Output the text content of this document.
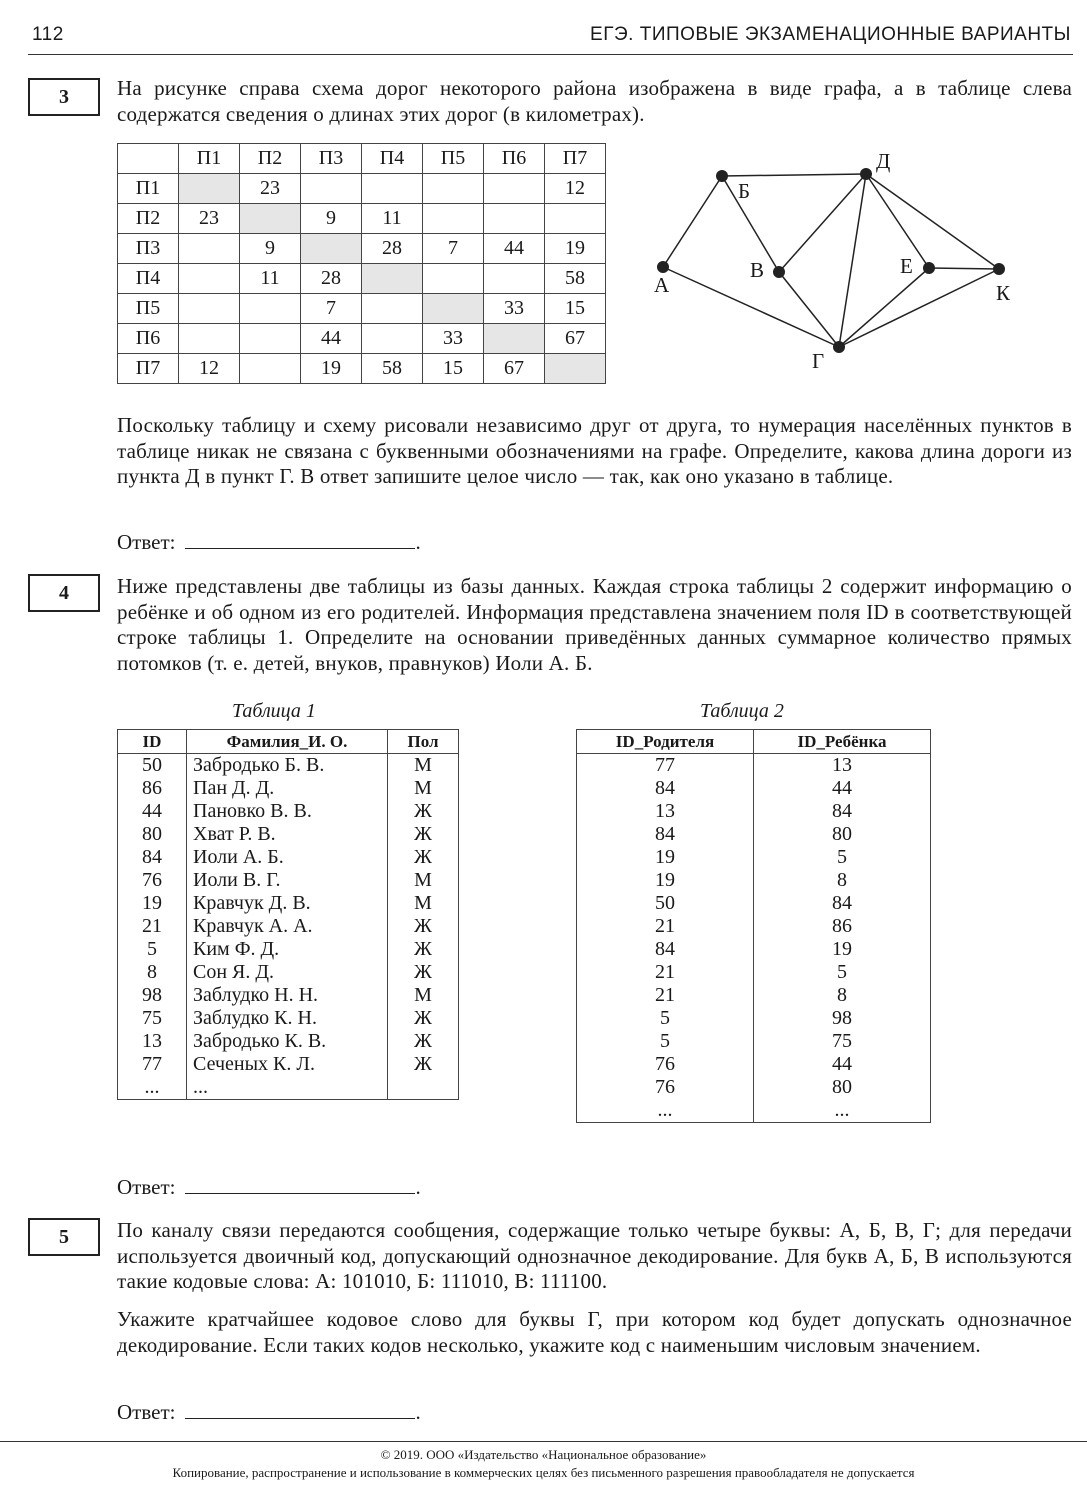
112	ЕГЭ. ТИПОВЫЕ ЭКЗАМЕНАЦИОННЫЕ ВАРИАНТЫ
3	На рисунке справа схема дорог некоторого района изображена в виде графа, а в таблице слева содержатся сведения о длинах этих дорог (в километрах).
	П1	П2	П3	П4	П5	П6	П7
П1		23					12
П2	23		9	11			
П3		9		28	7	44	19
П4		11	28				58
П5			7			33	15
П6			44		33		67
П7	12		19	58	15	67	
А
Б
В
Д
Е
К
Г
Поскольку таблицу и схему рисовали независимо друг от друга, то нумерация населённых пунктов в таблице никак не связана с буквенными обозначениями на графе. Определите, какова длина дороги из пункта Д в пункт Г. В ответ запишите целое число — так, как оно указано в таблице.
Ответ:	.
4	Ниже представлены две таблицы из базы данных. Каждая строка таблицы 2 содержит информацию о ребёнке и об одном из его родителей. Информация представлена значением поля ID в соответствующей строке таблицы 1. Определите на основании приведённых данных суммарное количество прямых потомков (т. е. детей, внуков, правнуков) Иоли А. Б.
Таблица 1	Таблица 2
ID	Фамилия_И. О.	Пол
50	Забродько Б. В.	М
86	Пан Д. Д.	М
44	Пановко В. В.	Ж
80	Хват Р. В.	Ж
84	Иоли А. Б.	Ж
76	Иоли В. Г.	М
19	Кравчук Д. В.	М
21	Кравчук А. А.	Ж
5	Ким Ф. Д.	Ж
8	Сон Я. Д.	Ж
98	Заблудко Н. Н.	М
75	Заблудко К. Н.	Ж
13	Забродько К. В.	Ж
77	Сеченых К. Л.	Ж
...	...	
ID_Родителя	ID_Ребёнка
77	13
84	44
13	84
84	80
19	5
19	8
50	84
21	86
84	19
21	5
21	8
5	98
5	75
76	44
76	80
...	...
Ответ:	.
5	По каналу связи передаются сообщения, содержащие только четыре буквы: А, Б, В, Г; для передачи используется двоичный код, допускающий однозначное декодирование. Для букв А, Б, В используются такие кодовые слова: А: 101010, Б: 111010, В: 111100.
Укажите кратчайшее кодовое слово для буквы Г, при котором код будет допускать однозначное декодирование. Если таких кодов несколько, укажите код с наименьшим числовым значением.
Ответ:	.
© 2019. ООО «Издательство «Национальное образование»
Копирование, распространение и использование в коммерческих целях без письменного разрешения правообладателя не допускается
